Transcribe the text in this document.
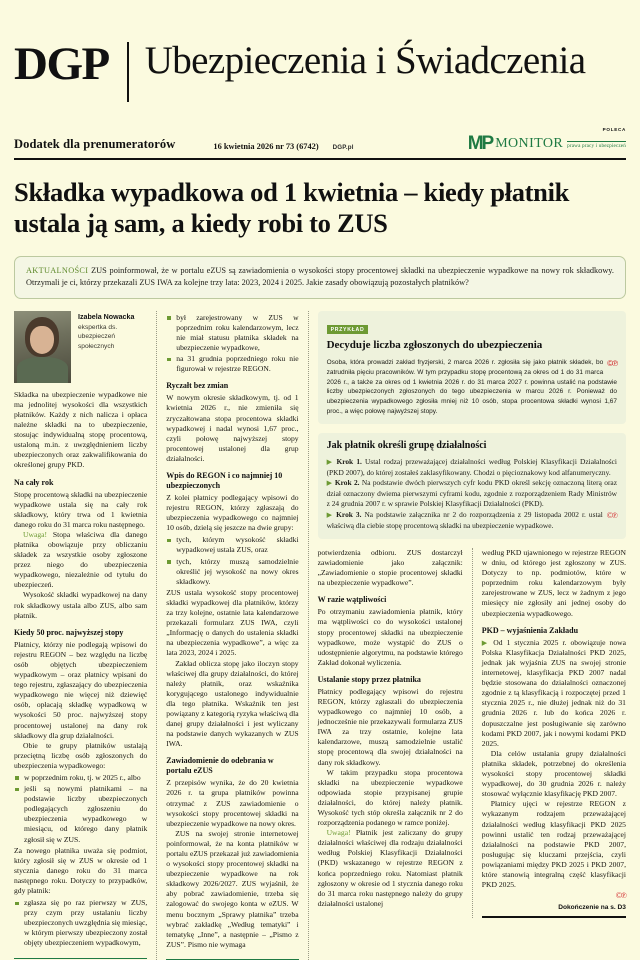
DGP Ubezpieczenia i Świadczenia
Dodatek dla prenumeratorów	16 kwietnia 2026 nr 73 (6742) DGP.pl
POLECA
MP MONITOR prawa pracy i ubezpieczeń
Składka wypadkowa od 1 kwietnia – kiedy płatnik ustala ją sam, a kiedy robi to ZUS
AKTUALNOŚCI ZUS poinformował, że w portalu eZUS są zawiadomienia o wysokości stopy procentowej składki na ubezpieczenie wypadkowe na nowy rok składkowy. Otrzymali je ci, którzy przekazali ZUS IWA za kolejne trzy lata: 2023, 2024 i 2025. Jakie zasady obowiązują pozostałych płatników?
Izabela Nowacka
ekspertka ds. ubezpieczeń społecznych

Składka na ubezpieczenie wypadkowe nie ma jednolitej wysokości dla wszystkich płatników. Każdy z nich nalicza i opłaca należne składki na to ubezpieczenie, stosując indywidualną stopę procentową, ustaloną m.in. z uwzględnieniem liczby ubezpieczonych oraz zakwalifikowania do określonej grupy PKD.

Na cały rok

Stopę procentową składki na ubezpieczenie wypadkowe ustala się na cały rok składkowy, który trwa od 1 kwietnia danego roku do 31 marca roku następnego.

Uwaga! Stopa właściwa dla danego płatnika obowiązuje przy obliczaniu składek za wszystkie osoby zgłoszone przez niego do ubezpieczenia wypadkowego, niezależnie od tytułu do ubezpieczeń.

Wysokość składki wypadkowej na dany rok składkowy ustala albo ZUS, albo sam płatnik.

Kiedy 50 proc. najwyższej stopy

Płatnicy, którzy nie podlegają wpisowi do rejestru REGON – bez względu na liczbę osób objętych ubezpieczeniem wypadkowym – oraz płatnicy wpisani do tego rejestru, zgłaszający do ubezpieczenia wypadkowego nie więcej niż dziewięć osób, opłacają składkę wypadkową w wysokości 50 proc. najwyższej stopy procentowej ustalonej na dany rok składkowy dla grup działalności.

Obie te grupy płatników ustalają przeciętną liczbę osób zgłoszonych do ubezpieczenia wypadkowego:

w poprzednim roku, tj. w 2025 r., albo
jeśli są nowymi płatnikami – na podstawie liczby ubezpieczonych podlegających zgłoszeniu do ubezpieczenia wypadkowego w miesiącu, od którego dany płatnik zgłosił się w ZUS.

Za nowego płatnika uważa się podmiot, który zgłosił się w ZUS w okresie od 1 stycznia danego roku do 31 marca następnego roku. Dotyczy to przypadków, gdy płatnik:

zgłasza się po raz pierwszy w ZUS, przy czym przy ustalaniu liczby ubezpieczonych uwzględnia się miesiąc, w którym pierwszy ubezpieczony został objęty ubezpieczeniem wypadkowym,
był zarejestrowany w ZUS w poprzednim roku kalendarzowym, lecz nie miał statusu płatnika składek na ubezpieczenie wypadkowe,
na 31 grudnia poprzedniego roku nie figurował w rejestrze REGON.
Ryczałt bez zmian

W nowym okresie składkowym, tj. od 1 kwietnia 2026 r., nie zmieniła się zryczałtowana stopa procentowa składki wypadkowej i nadal wynosi 1,67 proc., czyli połowę najwyższej stopy procentowej ustalonej dla grup działalności.

Wpis do REGON i co najmniej 10 ubezpieczonych

Z kolei płatnicy podlegający wpisowi do rejestru REGON, którzy zgłaszają do ubezpieczenia wypadkowego co najmniej 10 osób, dzielą się jeszcze na dwie grupy:

tych, którym wysokość składki wypadkowej ustala ZUS, oraz
tych, którzy muszą samodzielnie określić jej wysokość na nowy okres składkowy.

ZUS ustala wysokość stopy procentowej składki wypadkowej dla płatników, którzy za trzy kolejne, ostatnie lata kalendarzowe przekazali formularz ZUS IWA, czyli „Informację o danych do ustalenia składki na ubezpieczenia wypadkowe”, a więc za lata 2023, 2024 i 2025.

Zakład oblicza stopę jako iloczyn stopy właściwej dla grupy działalności, do której należy płatnik, oraz wskaźnika korygującego ustalonego indywidualnie dla tego płatnika. Wskaźnik ten jest powiązany z kategorią ryzyka właściwą dla danej grupy działalności i jest wyliczany na podstawie danych wykazanych w ZUS IWA.

Zawiadomienie do odebrania w portalu eZUS

Z przepisów wynika, że do 20 kwietnia 2026 r. ta grupa płatników powinna otrzymać z ZUS zawiadomienie o wysokości stopy procentowej składki na ubezpieczenie wypadkowe na nowy okres.

ZUS na swojej stronie internetowej poinformował, że na konta płatników w portalu eZUS przekazał już zawiadomienia o wysokości stopy procentowej składki na ubezpieczenie wypadkowe na rok składkowy 2026/2027. ZUS wyjaśnił, że aby pobrać zawiadomienie, trzeba się zalogować do swojego konta w eZUS. W menu bocznym „Sprawy płatnika” trzeba wybrać zakładkę „Według tematyki” i tematykę „Inne”, a następnie – „Pismo z ZUS”. Pismo nie wymaga

PRZYKŁAD
Decyduje liczba zgłoszonych do ubezpieczenia
©℗
Osoba, która prowadzi zakład fryzjerski, 2 marca 2026 r. zgłosiła się jako płatnik składek, bo zatrudniła pięciu pracowników. W tym przypadku stopę procentową za okres od 1 do 31 marca 2026 r., a także za okres od 1 kwietnia 2026 r. do 31 marca 2027 r. powinna ustalić na podstawie liczby ubezpieczonych zgłoszonych do tego ubezpieczenia w marcu 2026 r. Ponieważ do ubezpieczenia wypadkowego zgłosiła mniej niż 10 osób, stopa procentowa składki wynosi 1,67 proc., a więc połowę najwyższej stopy.
Jak płatnik określi grupę działalności
▶ Krok 1. Ustal rodzaj przeważającej działalności według Polskiej Klasyfikacji Działalności (PKD 2007), do której zostałeś zaklasyfikowany. Chodzi o pięcioznakowy kod alfanumeryczny.
▶ Krok 2. Na podstawie dwóch pierwszych cyfr kodu PKD określ sekcję oznaczoną literą oraz dział oznaczony dwiema pierwszymi cyframi kodu, zgodnie z rozporządzeniem Rady Ministrów z 24 grudnia 2007 r. w sprawie Polskiej Klasyfikacji Działalności (PKD).
©℗
▶ Krok 3. Na podstawie załącznika nr 2 do rozporządzenia z 29 listopada 2002 r. ustal właściwą dla ciebie stopę procentową składki na ubezpieczenie wypadkowe.

potwierdzenia odbioru. ZUS dostarczył zawiadomienie jako załącznik: „Zawiadomienie o stopie procentowej składki na ubezpieczenie wypadkowe”.

W razie wątpliwości

Po otrzymaniu zawiadomienia płatnik, który ma wątpliwości co do wysokości ustalonej stopy procentowej składki na ubezpieczenie wypadkowe, może wystąpić do ZUS o udostępnienie algorytmu, na podstawie którego Zakład dokonał wyliczenia.

Ustalanie stopy przez płatnika

Płatnicy podlegający wpisowi do rejestru REGON, którzy zgłaszali do ubezpieczenia wypadkowego co najmniej 10 osób, a jednocześnie nie przekazywali formularza ZUS IWA za trzy ostatnie, kolejne lata kalendarzowe, muszą samodzielnie ustalić stopę procentową dla swojej działalności na dany rok składkowy.

W takim przypadku stopa procentowa składki na ubezpieczenie wypadkowe odpowiada stopie przypisanej grupie działalności, do której należy płatnik. Wysokość tych stóp określa załącznik nr 2 do rozporządzenia podanego w ramce poniżej.

Uwaga! Płatnik jest zaliczany do grupy działalności właściwej dla rodzaju działalności według Polskiej Klasyfikacji Działalności (PKD) wskazanego w rejestrze REGON z końca poprzedniego roku. Natomiast płatnik zgłoszony w okresie od 1 stycznia danego roku do 31 marca roku następnego należy do grupy działalności ustalonej

według PKD ujawnionego w rejestrze REGON w dniu, od którego jest zgłoszony w ZUS. Dotyczy to np. podmiotów, które w poprzednim roku kalendarzowym były zarejestrowane w ZUS, lecz w żadnym z jego miesięcy nie zgłosiły ani jednej osoby do ubezpieczenia wypadkowego.

PKD – wyjaśnienia Zakładu

▶ Od 1 stycznia 2025 r. obowiązuje nowa Polska Klasyfikacja Działalności PKD 2025, jednak jak wyjaśnia ZUS na swojej stronie internetowej, klasyfikacja PKD 2007 nadal będzie stosowana do działalności oznaczonej zgodnie z tą klasyfikacją i rozpoczętej przed 1 stycznia 2025 r., nie dłużej jednak niż do 31 grudnia 2026 r. lub do końca 2026 r. dopuszczalne jest posługiwanie się zarówno kodami PKD 2007, jak i nowymi kodami PKD 2025.

Dla celów ustalania grupy działalności płatnika składek, potrzebnej do określenia wysokości stopy procentowej składki wypadkowej, do 30 grudnia 2026 r. należy stosować wyłącznie klasyfikację PKD 2007.

Płatnicy ujęci w rejestrze REGON z wykazanym rodzajem przeważającej działalności według klasyfikacji PKD 2025 powinni ustalić ten rodzaj przeważającej działalności na podstawie PKD 2007, posługując się kluczami przejścia, czyli powiązaniami między PKD 2025 i PKD 2007, które stanowią integralną część klasyfikacji PKD 2025.

©℗
Dokończenie na s. D3
